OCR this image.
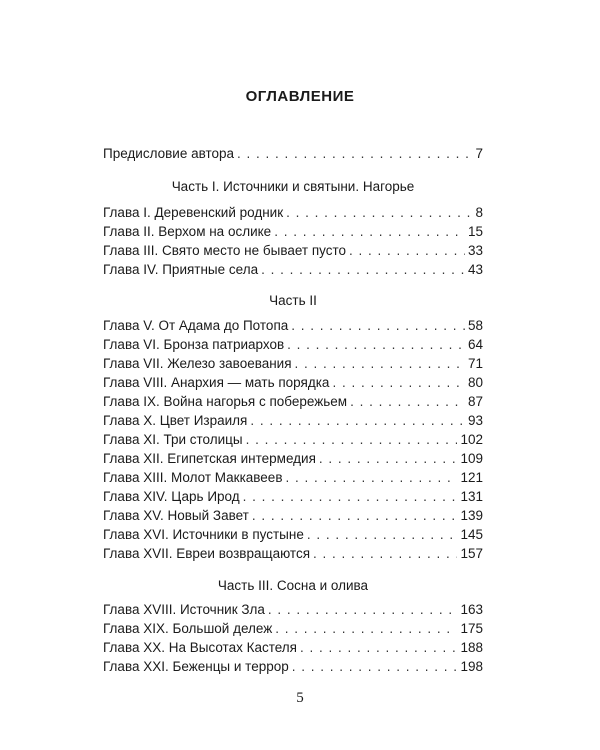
ОГЛАВЛЕНИЕ
Предисловие автора . . .	7
Часть I. Источники и святыни. Нагорье
Глава I. Деревенский родник . . .	8
Глава II. Верхом на ослике . . .	15
Глава III. Свято место не бывает пусто . . .	33
Глава IV. Приятные села . . .	43
Часть II
Глава V. От Адама до Потопа . . .	58
Глава VI. Бронза патриархов . . .	64
Глава VII. Железо завоевания . . .	71
Глава VIII. Анархия — мать порядка . . .	80
Глава IX. Война нагорья с побережьем . . .	87
Глава X. Цвет Израиля . . .	93
Глава XI. Три столицы . . .	102
Глава XII. Египетская интермедия . . .	109
Глава XIII. Молот Маккавеев . . .	121
Глава XIV. Царь Ирод . . .	131
Глава XV. Новый Завет . . .	139
Глава XVI. Источники в пустыне . . .	145
Глава XVII. Евреи возвращаются . . .	157
Часть III. Сосна и олива
Глава XVIII. Источник Зла . . .	163
Глава XIX. Большой дележ . . .	175
Глава XX. На Высотах Кастеля . . .	188
Глава XXI. Беженцы и террор . . .	198
5
